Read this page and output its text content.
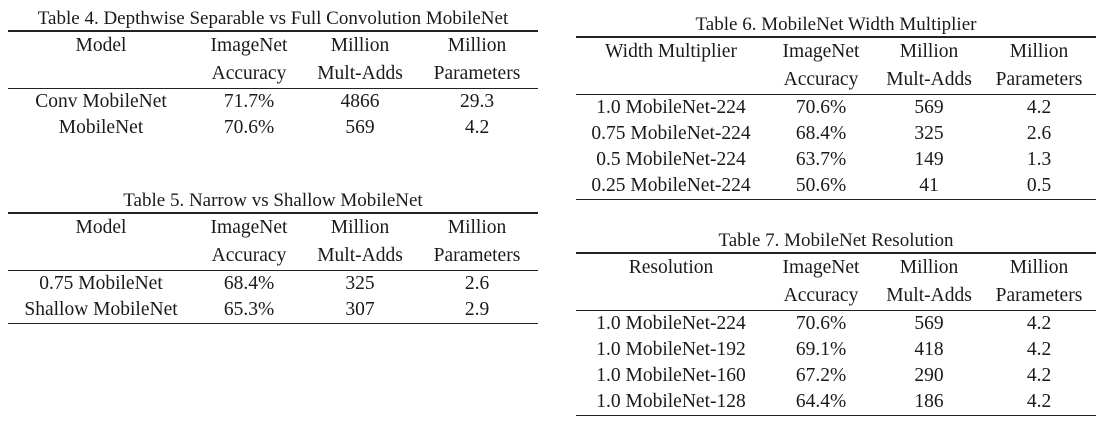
Table 4. Depthwise Separable vs Full Convolution MobileNet
Model	ImageNet	Million	Million
	Accuracy	Mult-Adds	Parameters
Conv MobileNet	71.7%	4866	29.3
MobileNet	70.6%	569	4.2
Table 5. Narrow vs Shallow MobileNet
Model	ImageNet	Million	Million
	Accuracy	Mult-Adds	Parameters
0.75 MobileNet	68.4%	325	2.6
Shallow MobileNet	65.3%	307	2.9
Table 6. MobileNet Width Multiplier
Width Multiplier	ImageNet	Million	Million
	Accuracy	Mult-Adds	Parameters
1.0 MobileNet-224	70.6%	569	4.2
0.75 MobileNet-224	68.4%	325	2.6
0.5 MobileNet-224	63.7%	149	1.3
0.25 MobileNet-224	50.6%	41	0.5
Table 7. MobileNet Resolution
Resolution	ImageNet	Million	Million
	Accuracy	Mult-Adds	Parameters
1.0 MobileNet-224	70.6%	569	4.2
1.0 MobileNet-192	69.1%	418	4.2
1.0 MobileNet-160	67.2%	290	4.2
1.0 MobileNet-128	64.4%	186	4.2
